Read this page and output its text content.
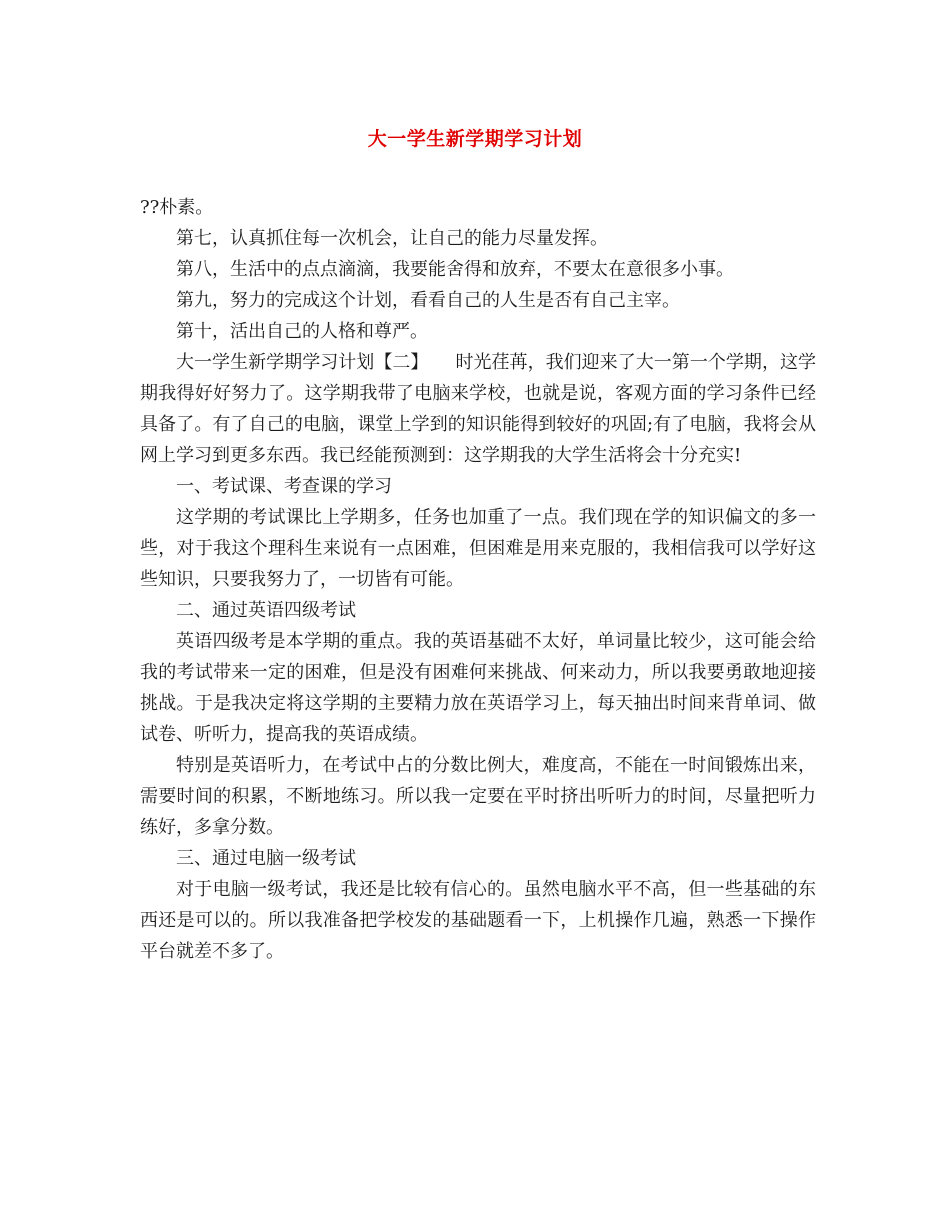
大一学生新学期学习计划

??朴素。

第七，认真抓住每一次机会，让自己的能力尽量发挥。

第八，生活中的点点滴滴，我要能舍得和放弃，不要太在意很多小事。

第九，努力的完成这个计划，看看自己的人生是否有自己主宰。

第十，活出自己的人格和尊严。

大一学生新学期学习计划【二】　　时光荏苒，我们迎来了大一第一个学期，这学期我得好好努力了。这学期我带了电脑来学校，也就是说，客观方面的学习条件已经具备了。有了自己的电脑，课堂上学到的知识能得到较好的巩固;有了电脑，我将会从网上学习到更多东西。我已经能预测到：这学期我的大学生活将会十分充实!

一、考试课、考查课的学习

这学期的考试课比上学期多，任务也加重了一点。我们现在学的知识偏文的多一些，对于我这个理科生来说有一点困难，但困难是用来克服的，我相信我可以学好这些知识，只要我努力了，一切皆有可能。

二、通过英语四级考试

英语四级考是本学期的重点。我的英语基础不太好，单词量比较少，这可能会给我的考试带来一定的困难，但是没有困难何来挑战、何来动力，所以我要勇敢地迎接挑战。于是我决定将这学期的主要精力放在英语学习上，每天抽出时间来背单词、做试卷、听听力，提高我的英语成绩。

特别是英语听力，在考试中占的分数比例大，难度高，不能在一时间锻炼出来，需要时间的积累，不断地练习。所以我一定要在平时挤出听听力的时间，尽量把听力练好，多拿分数。

三、通过电脑一级考试

对于电脑一级考试，我还是比较有信心的。虽然电脑水平不高，但一些基础的东西还是可以的。所以我准备把学校发的基础题看一下，上机操作几遍，熟悉一下操作平台就差不多了。
